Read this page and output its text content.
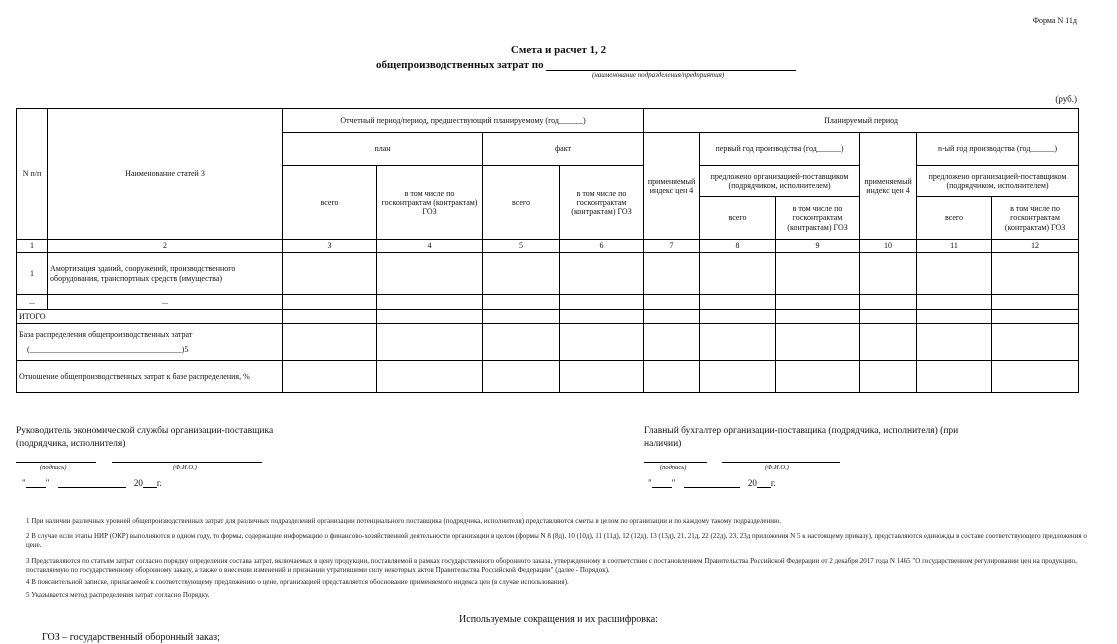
Форма N 11д
Смета и расчет 1, 2
общепроизводственных затрат по
(наименование подразделения/предприятия)
(руб.)
N п/п	Наименование статей 3	Отчетный период/период, предшествующий планируемому (год______)				Планируемый период					
		план		факт		применяемый индекс цен 4	первый год производства (год______)		применяемый индекс цен 4	n-ый год производства (год______)	
		всего	в том числе по госконтрактам (контрактам) ГОЗ	всего	в том числе по госконтрактам (контрактам) ГОЗ		предложено организацией-поставщиком (подрядчиком, исполнителем)			предложено организацией-поставщиком (подрядчиком, исполнителем)	
							всего	в том числе по госконтрактам (контрактам) ГОЗ		всего	в том числе по госконтрактам (контрактам) ГОЗ
1	2	3	4	5	6	7	8	9	10	11	12
1	Амортизация зданий, сооружений, производственного оборудования, транспортных средств (имущества)										
...	...										
ИТОГО											

База распределения общепроизводственных затрат
(______________________________________)5											

Отношение общепроизводственных затрат к базе распределения, %											
Руководитель экономической службы организации-поставщика (подрядчика, исполнителя)
(подпись)	(Ф.И.О.)
" "	20 г.
Главный бухгалтер организации-поставщика (подрядчика, исполнителя) (при наличии)
(подпись)	(Ф.И.О.)
" "	20 г.
1 При наличии различных уровней общепроизводственных затрат для различных подразделений организации потенциального поставщика (подрядчика, исполнителя) представляются сметы в целом по организации и по каждому такому подразделению.
2 В случае если этапы НИР (ОКР) выполняются в одном году, то формы, содержащие информацию о финансово-хозяйственной деятельности организации в целом (формы N 8 (8д), 10 (10д), 11 (11д), 12 (12д), 13 (13д), 21, 21д, 22 (22д), 23, 23д приложения N 5 к настоящему приказу), представляются единожды в составе соответствующего предложения о цене.
3 Представляются по статьям затрат согласно порядку определения состава затрат, включаемых в цену продукции, поставляемой в рамках государственного оборонного заказа, утвержденному в соответствии с постановлением Правительства Российской Федерации от 2 декабря 2017 года N 1465 "О государственном регулировании цен на продукцию, поставляемую по государственному оборонному заказу, а также о внесении изменений и признании утратившими силу некоторых актов Правительства Российской Федерации" (далее - Порядок).
4 В пояснительной записке, прилагаемой к соответствующему предложению о цене, организацией представляется обоснование применяемого индекса цен (в случае использования).
5 Указывается метод распределения затрат согласно Порядку.
Используемые сокращения и их расшифровка:
ГОЗ – государственный оборонный заказ;
